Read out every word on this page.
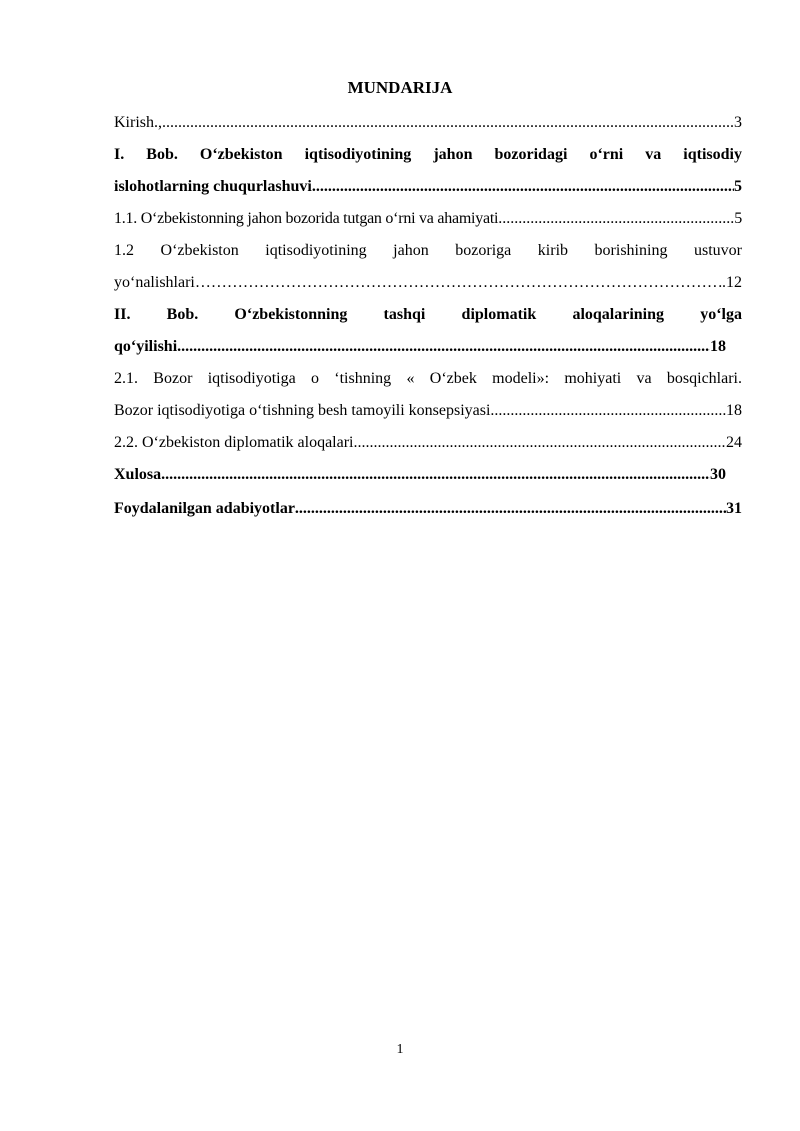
MUNDARIJA
Kirish., .....	3
I. Bob. O‘zbekiston iqtisodiyotining jahon bozoridagi o‘rni va iqtisodiy
islohotlarning chuqurlashuvi .....	5
1.1. O‘zbekistonning jahon bozorida tutgan o‘rni va ahamiyati .....	5
1.2 O‘zbekiston iqtisodiyotining jahon bozoriga kirib borishining ustuvor
yo‘nalishlari ………………………………………………………………………………………………………………………………………………………………………………	. 12
II. Bob. O‘zbekistonning tashqi diplomatik aloqalarining yo‘lga
qo‘yilishi .....	18
2.1. Bozor iqtisodiyotiga o ‘tishning « O‘zbek modeli»: mohiyati va bosqichlari.
Bozor iqtisodiyotiga o‘tishning besh tamoyili konsepsiyasi .....	18
2.2. O‘zbekiston diplomatik aloqalari .....	24
Xulosa .....	30
Foydalanilgan adabiyotlar .....	31
1
